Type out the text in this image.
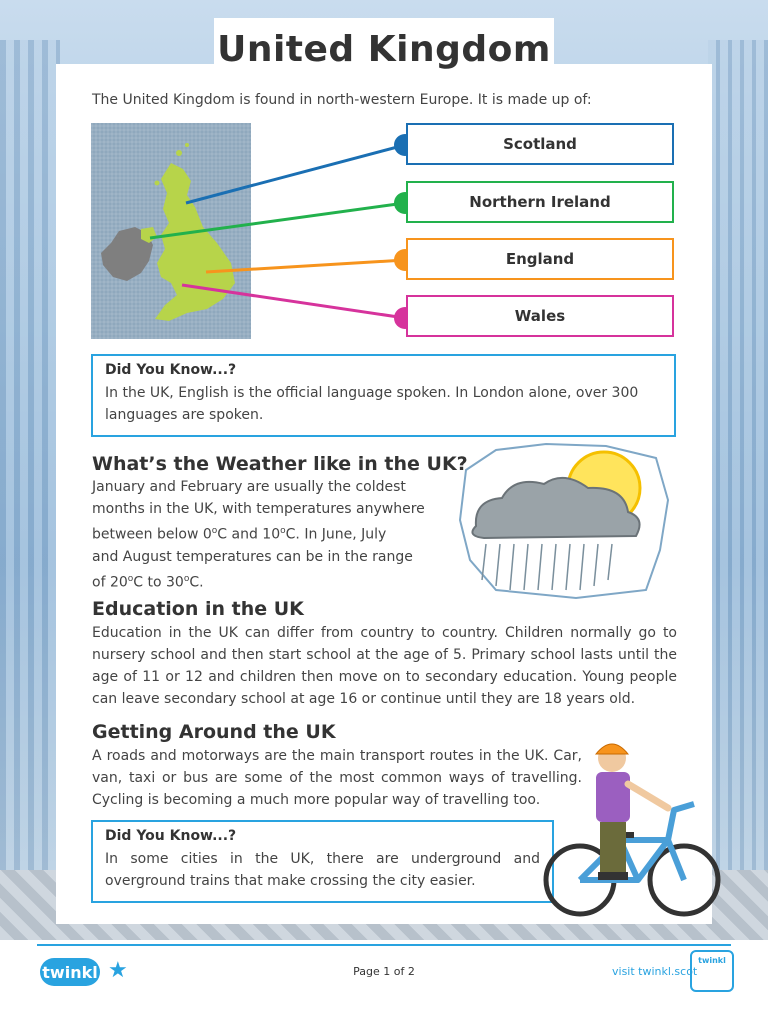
United Kingdom
The United Kingdom is found in north-western Europe. It is made up of:
Scotland
Northern Ireland
England
Wales
Did You Know...?

In the UK, English is the official language spoken. In London alone, over 300 languages are spoken.

What’s the Weather like in the UK?
January and February are usually the coldest
months in the UK, with temperatures anywhere
between below 0$^o$C and 10$^o$C. In June, July
and August temperatures can be in the range
of 20$^o$C to 30$^o$C.
Education in the UK

Education in the UK can differ from country to country. Children normally go to nursery school and then start school at the age of 5. Primary school lasts until the age of 11 or 12 and children then move on to secondary education. Young people can leave secondary school at age 16 or continue until they are 18 years old.

Getting Around the UK

A roads and motorways are the main transport routes in the UK. Car, van, taxi or bus are some of the most common ways of travelling. Cycling is becoming a much more popular way of travelling too.

Did You Know...?

In some cities in the UK, there are underground and overground trains that make crossing the city easier.

twinkl ★	Page 1 of 2	visit twinkl.scot
twinkl
